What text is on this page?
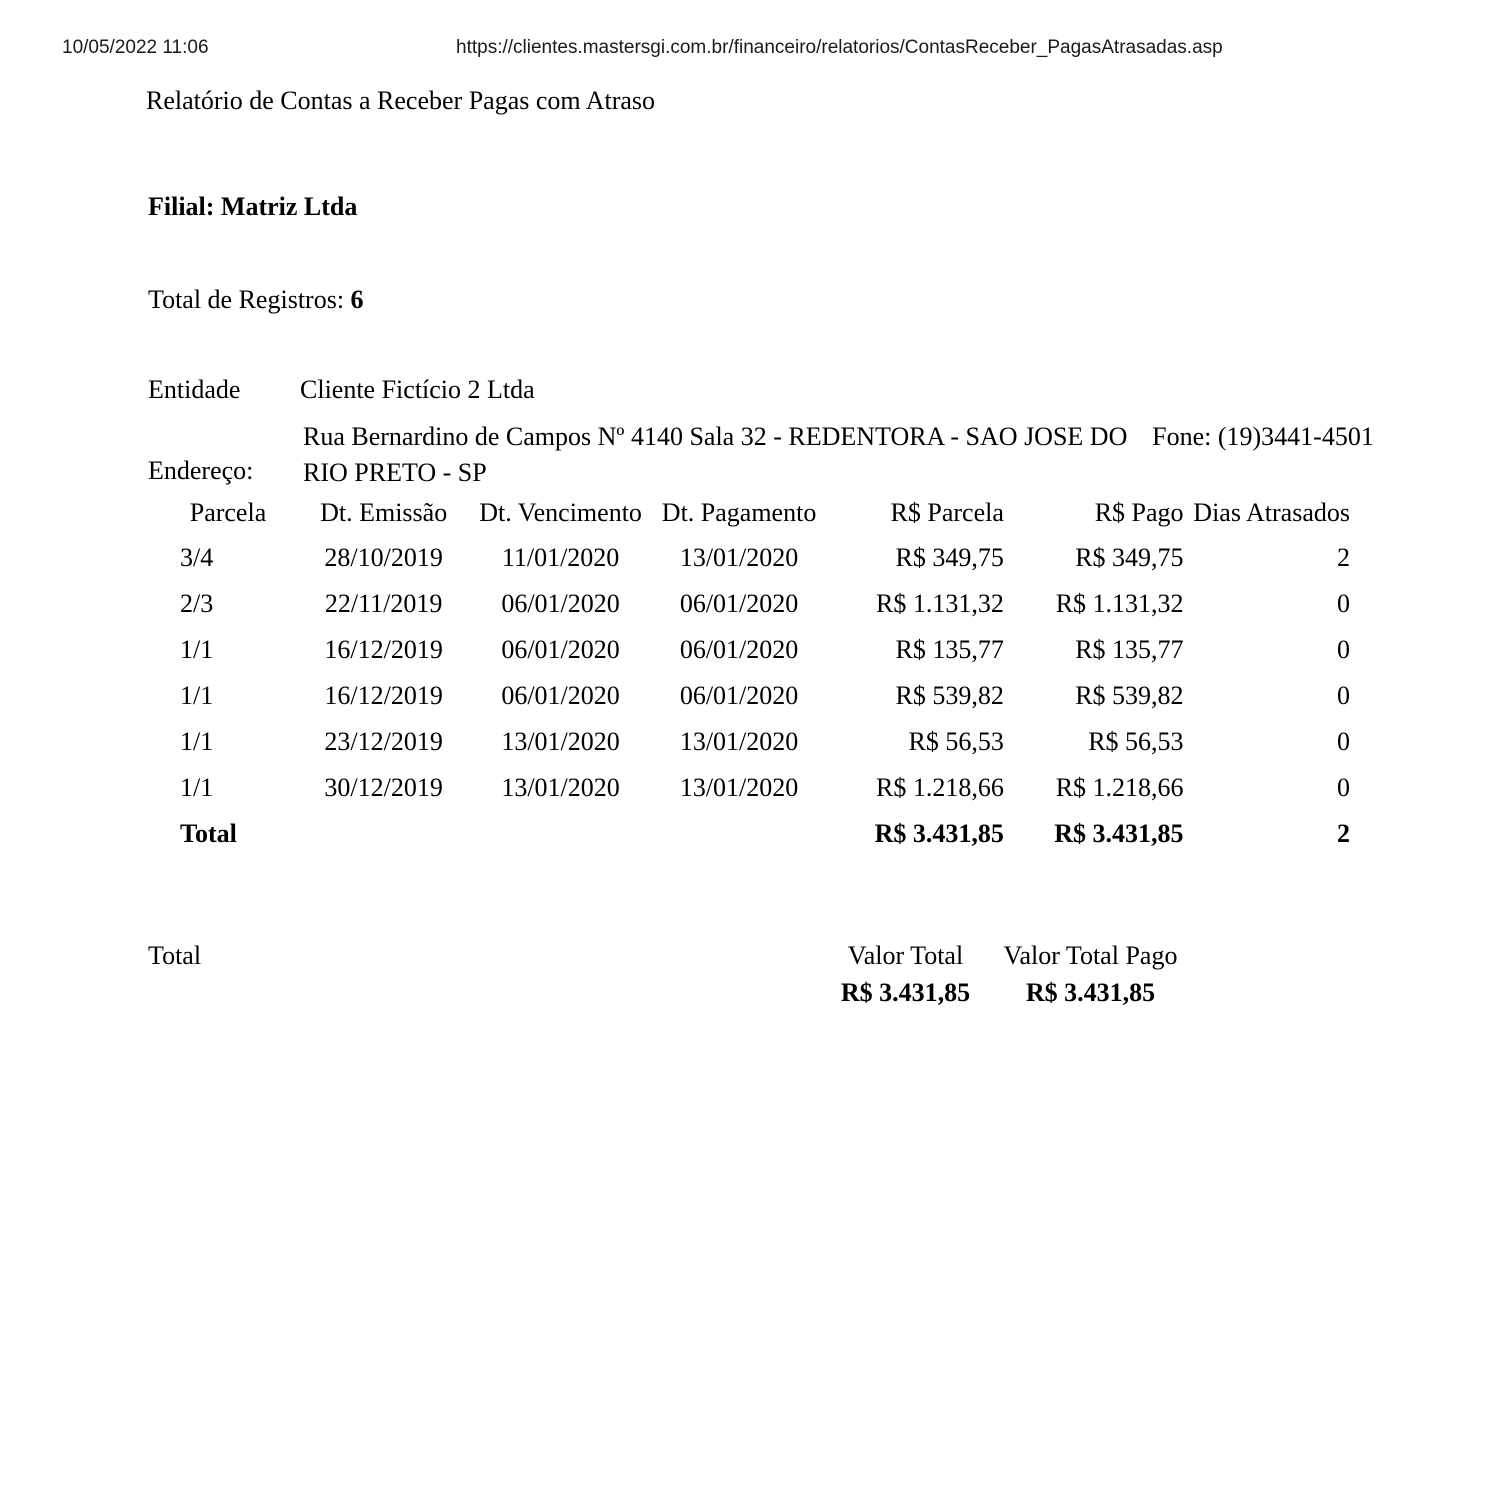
10/05/2022 11:06	https://clientes.mastersgi.com.br/financeiro/relatorios/ContasReceber_PagasAtrasadas.asp
Relatório de Contas a Receber Pagas com Atraso
Filial: Matriz Ltda
Total de Registros: 6
Entidade Cliente Fictício 2 Ltda
Endereço:
Rua Bernardino de Campos Nº 4140 Sala 32 - REDENTORA - SAO JOSE DO RIO PRETO - SP
Fone: (19)3441-4501
Parcela	Dt. Emissão	Dt. Vencimento	Dt. Pagamento	R$ Parcela	R$ Pago	Dias Atrasados
3/4	28/10/2019	11/01/2020	13/01/2020	R$ 349,75	R$ 349,75	2
2/3	22/11/2019	06/01/2020	06/01/2020	R$ 1.131,32	R$ 1.131,32	0
1/1	16/12/2019	06/01/2020	06/01/2020	R$ 135,77	R$ 135,77	0
1/1	16/12/2019	06/01/2020	06/01/2020	R$ 539,82	R$ 539,82	0
1/1	23/12/2019	13/01/2020	13/01/2020	R$ 56,53	R$ 56,53	0
1/1	30/12/2019	13/01/2020	13/01/2020	R$ 1.218,66	R$ 1.218,66	0
Total				R$ 3.431,85	R$ 3.431,85	2
Total	Valor Total	Valor Total Pago
R$ 3.431,85	R$ 3.431,85
